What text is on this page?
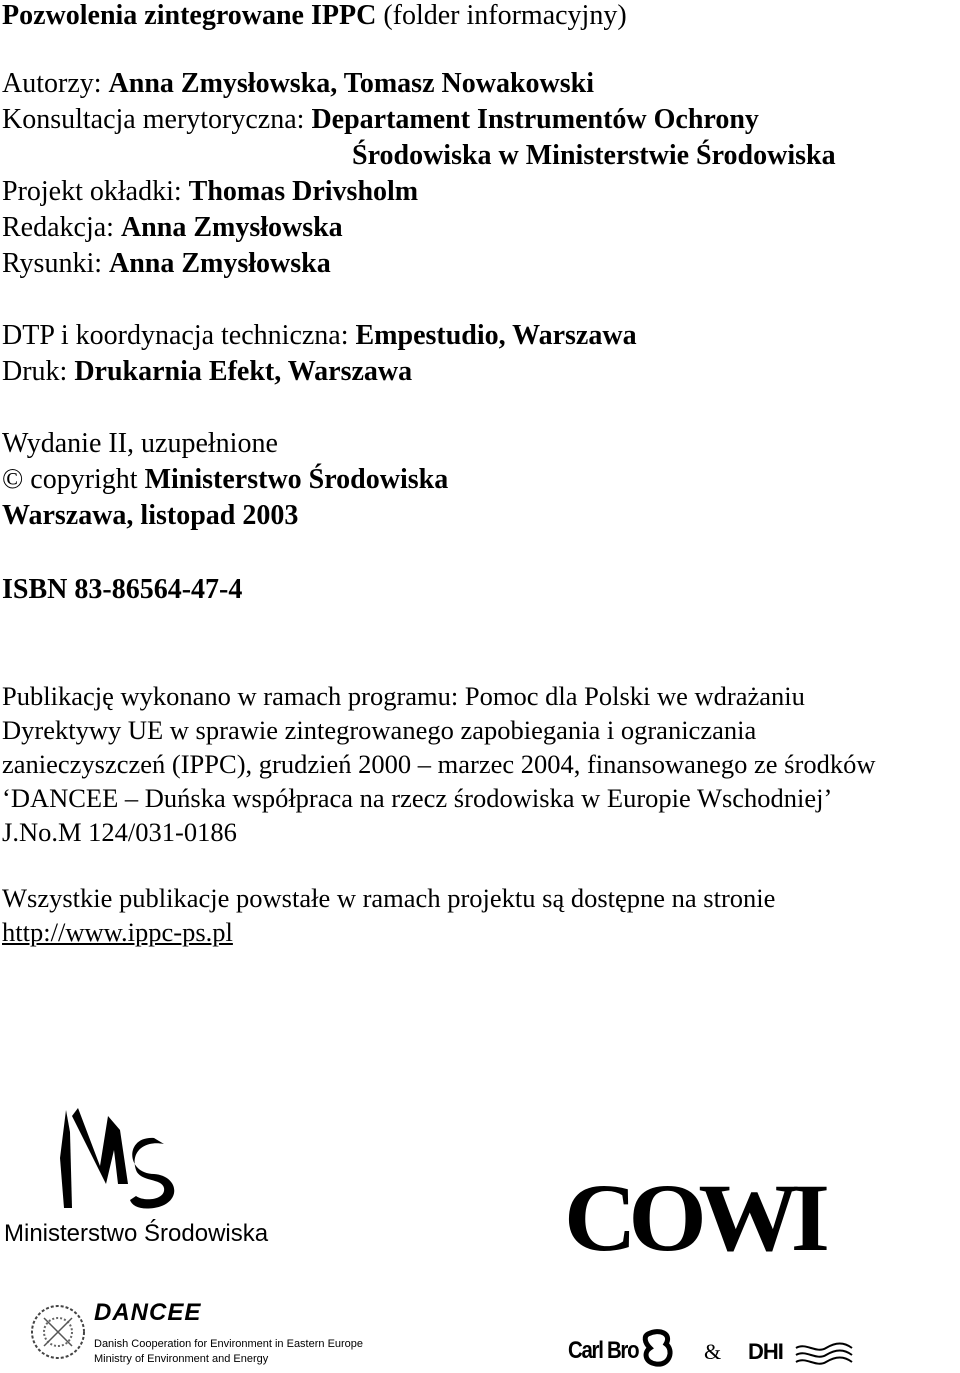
Pozwolenia zintegrowane IPPC (folder informacyjny)
Autorzy: Anna Zmysłowska, Tomasz Nowakowski
Konsultacja merytoryczna: Departament Instrumentów Ochrony
Środowiska w Ministerstwie Środowiska
Projekt okładki: Thomas Drivsholm
Redakcja: Anna Zmysłowska
Rysunki: Anna Zmysłowska
DTP i koordynacja techniczna: Empestudio, Warszawa
Druk: Drukarnia Efekt, Warszawa
Wydanie II, uzupełnione
© copyright Ministerstwo Środowiska
Warszawa, listopad 2003
ISBN 83-86564-47-4
Publikację wykonano w ramach programu: Pomoc dla Polski we wdrażaniu
Dyrektywy UE w sprawie zintegrowanego zapobiegania i ograniczania
zanieczyszczeń (IPPC), grudzień 2000 – marzec 2004, finansowanego ze środków
‘DANCEE – Duńska współpraca na rzecz środowiska w Europie Wschodniej’
J.No.M 124/031-0186
Wszystkie publikacje powstałe w ramach projektu są dostępne na stronie
http://www.ippc-ps.pl
Ministerstwo Środowiska	COWI
DANCEE
Danish Cooperation for Environment in Eastern Europe
Ministry of Environment and Energy	Carl Bro	& DHI
